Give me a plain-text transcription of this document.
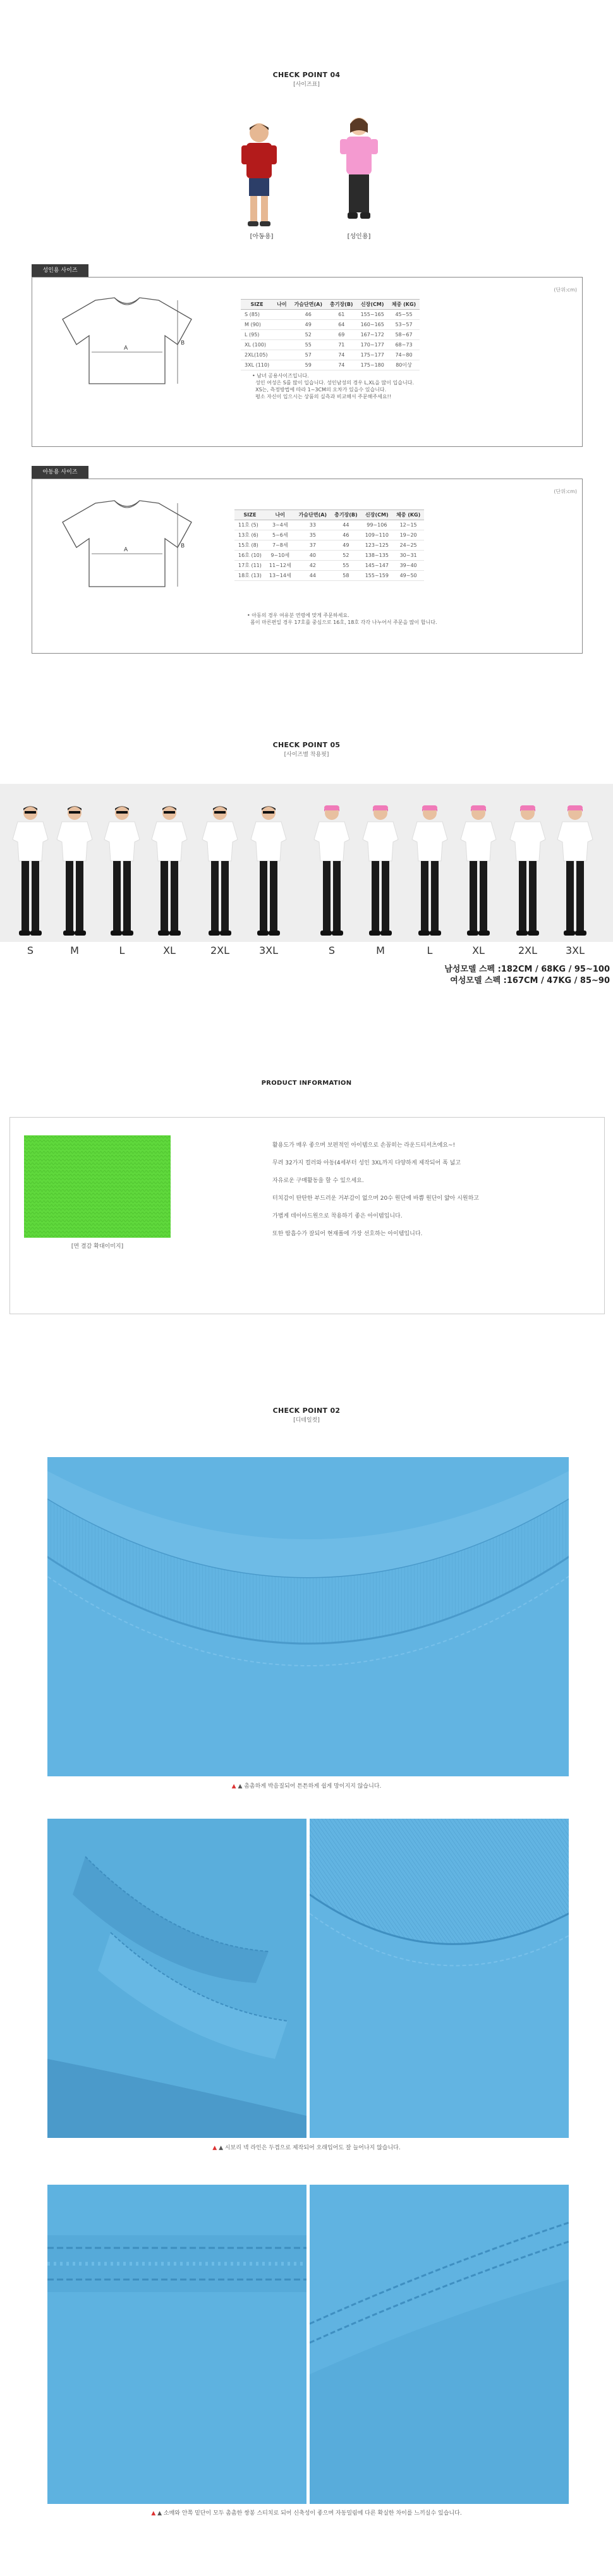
CHECK POINT 04
[사이즈표]
[아동용]	[성인용]
성인용 사이즈
(단위:cm)
A
B
SIZE	나이	가슴단면(A)	총기장(B)	신장(CM)	체중 (KG)
S (85)		46	61	155~165	45~55
M (90)		49	64	160~165	53~57
L (95)		52	69	167~172	58~67
XL (100)		55	71	170~177	68~73
2XL(105)		57	74	175~177	74~80
3XL (110)		59	74	175~180	80이상
• 남녀 공용사이즈입니다.
성인 여성은 S를 많이 입습니다. 성인남성의 경우 L,XL을 많이 입습니다.
XS는, 측정방법에 따라 1~3CM의 오차가 있을수 있습니다.
평소 자신이 입으시는 상품의 실측과 비교해서 주문해주세요!!
아동용 사이즈
(단위:cm)
A
B
SIZE	나이	가슴단면(A)	총기장(B)	신장(CM)	체중 (KG)
11호 (5)	3~4세	33	44	99~106	12~15
13호 (6)	5~6세	35	46	109~110	19~20
15호 (8)	7~8세	37	49	123~125	24~25
16호 (10)	9~10세	40	52	138~135	30~31
17호 (11)	11~12세	42	55	145~147	39~40
18호 (13)	13~14세	44	58	155~159	49~50
• 아동의 경우 여유분 연령에 맞게 주문하세요.
몸이 마른편일 경우 17호를 중심으로 16호, 18호 각각 나누어서 주문을 많이 합니다.
CHECK POINT 05
[사이즈별 착용핏]
남성모델 스펙 :182CM / 68KG / 95~100
여성모델 스펙 :167CM / 47KG / 85~90
PRODUCT INFORMATION
[면 결감 확대이미지]
활용도가 매우 좋으며 보편적인 아이템으로 손꼽히는 라운드티셔츠에요~!
무려 32가지 컬러와 아동(4세부터 성인 3XL까지 다양하게 제작되어 폭 넓고
자유로운 구매활동을 할 수 있으세요.
터치감이 탄탄한 부드러운 거부감이 없으며 20수 원단에 바쁨 원단이 얇아 시원하고
가볍게 데이아드원으로 착용하기 좋은 아이템입니다.
또한 땀흡수가 잘되어 현재폴에 가장 선호하는 아이템입니다.
CHECK POINT 02
[디테일컷]
▲ ▲ 촘촘하게 박음질되어 튼튼하게 쉽게 망이지지 않습니다.
▲ ▲ 시보리 넥 라인은 두겹으로 제작되어 오래입어도 잘 늘어나지 않습니다.
▲ ▲ 소매와 안쪽 밑단이 모두 촘촘한 쌍봉 스티치로 되어 신축성이 좋으며 자동밀림에 다른 확실한 차이를 느끼실수 있습니다.
S	M	L	XL	2XL	3XL	S	M	L	XL	2XL	3XL
